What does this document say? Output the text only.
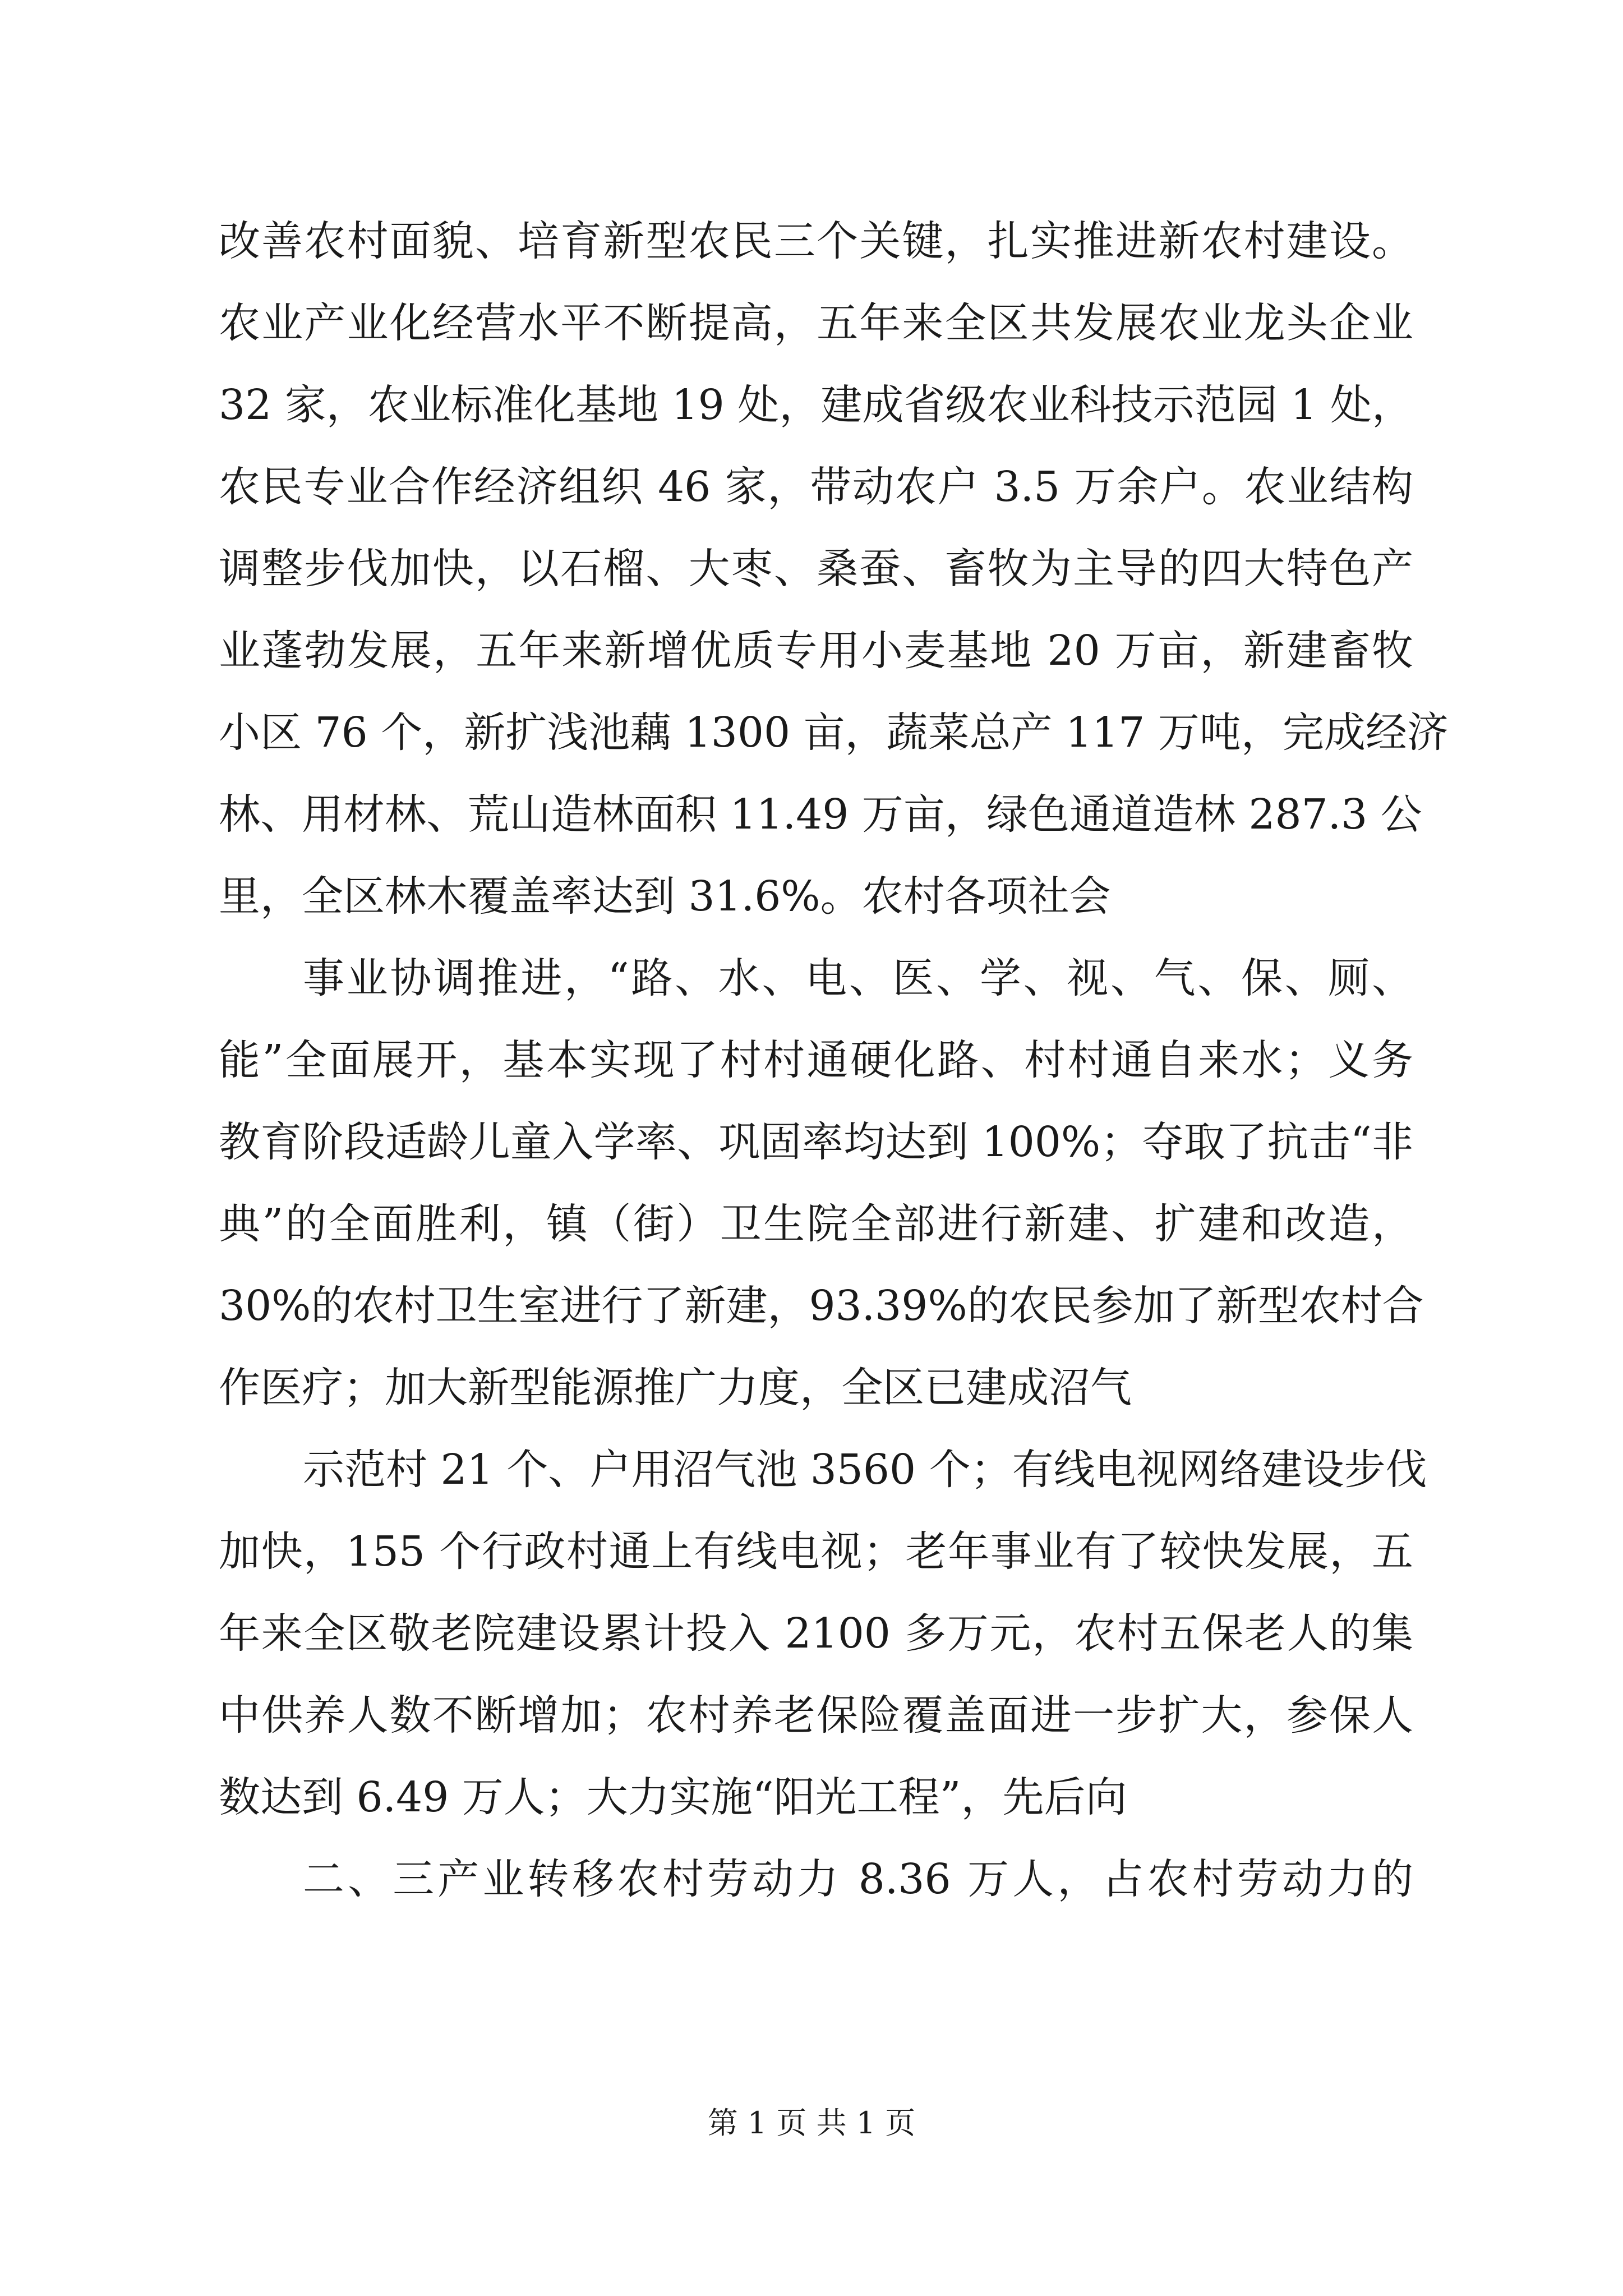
改善农村面貌、培育新型农民三个关键，扎实推进新农村建设。
农业产业化经营水平不断提高，五年来全区共发展农业龙头企业
32 家，农业标准化基地 19 处，建成省级农业科技示范园 1 处，
农民专业合作经济组织 46 家，带动农户 3.5 万余户。农业结构
调整步伐加快，以石榴、大枣、桑蚕、畜牧为主导的四大特色产
业蓬勃发展，五年来新增优质专用小麦基地 20 万亩，新建畜牧
小区 76 个，新扩浅池藕 1300 亩，蔬菜总产 117 万吨，完成经济
林、用材林、荒山造林面积 11.49 万亩，绿色通道造林 287.3 公
里，全区林木覆盖率达到 31.6%。农村各项社会
事业协调推进，“路、水、电、医、学、视、气、保、厕、
能”全面展开，基本实现了村村通硬化路、村村通自来水；义务
教育阶段适龄儿童入学率、巩固率均达到 100%；夺取了抗击“非
典”的全面胜利，镇（街）卫生院全部进行新建、扩建和改造，
30%的农村卫生室进行了新建，93.39%的农民参加了新型农村合
作医疗；加大新型能源推广力度，全区已建成沼气
示范村 21 个、户用沼气池 3560 个；有线电视网络建设步伐
加快，155 个行政村通上有线电视；老年事业有了较快发展，五
年来全区敬老院建设累计投入 2100 多万元，农村五保老人的集
中供养人数不断增加；农村养老保险覆盖面进一步扩大，参保人
数达到 6.49 万人；大力实施“阳光工程”，先后向
二、三产业转移农村劳动力 8.36 万人，占农村劳动力的
第 1 页 共 1 页
